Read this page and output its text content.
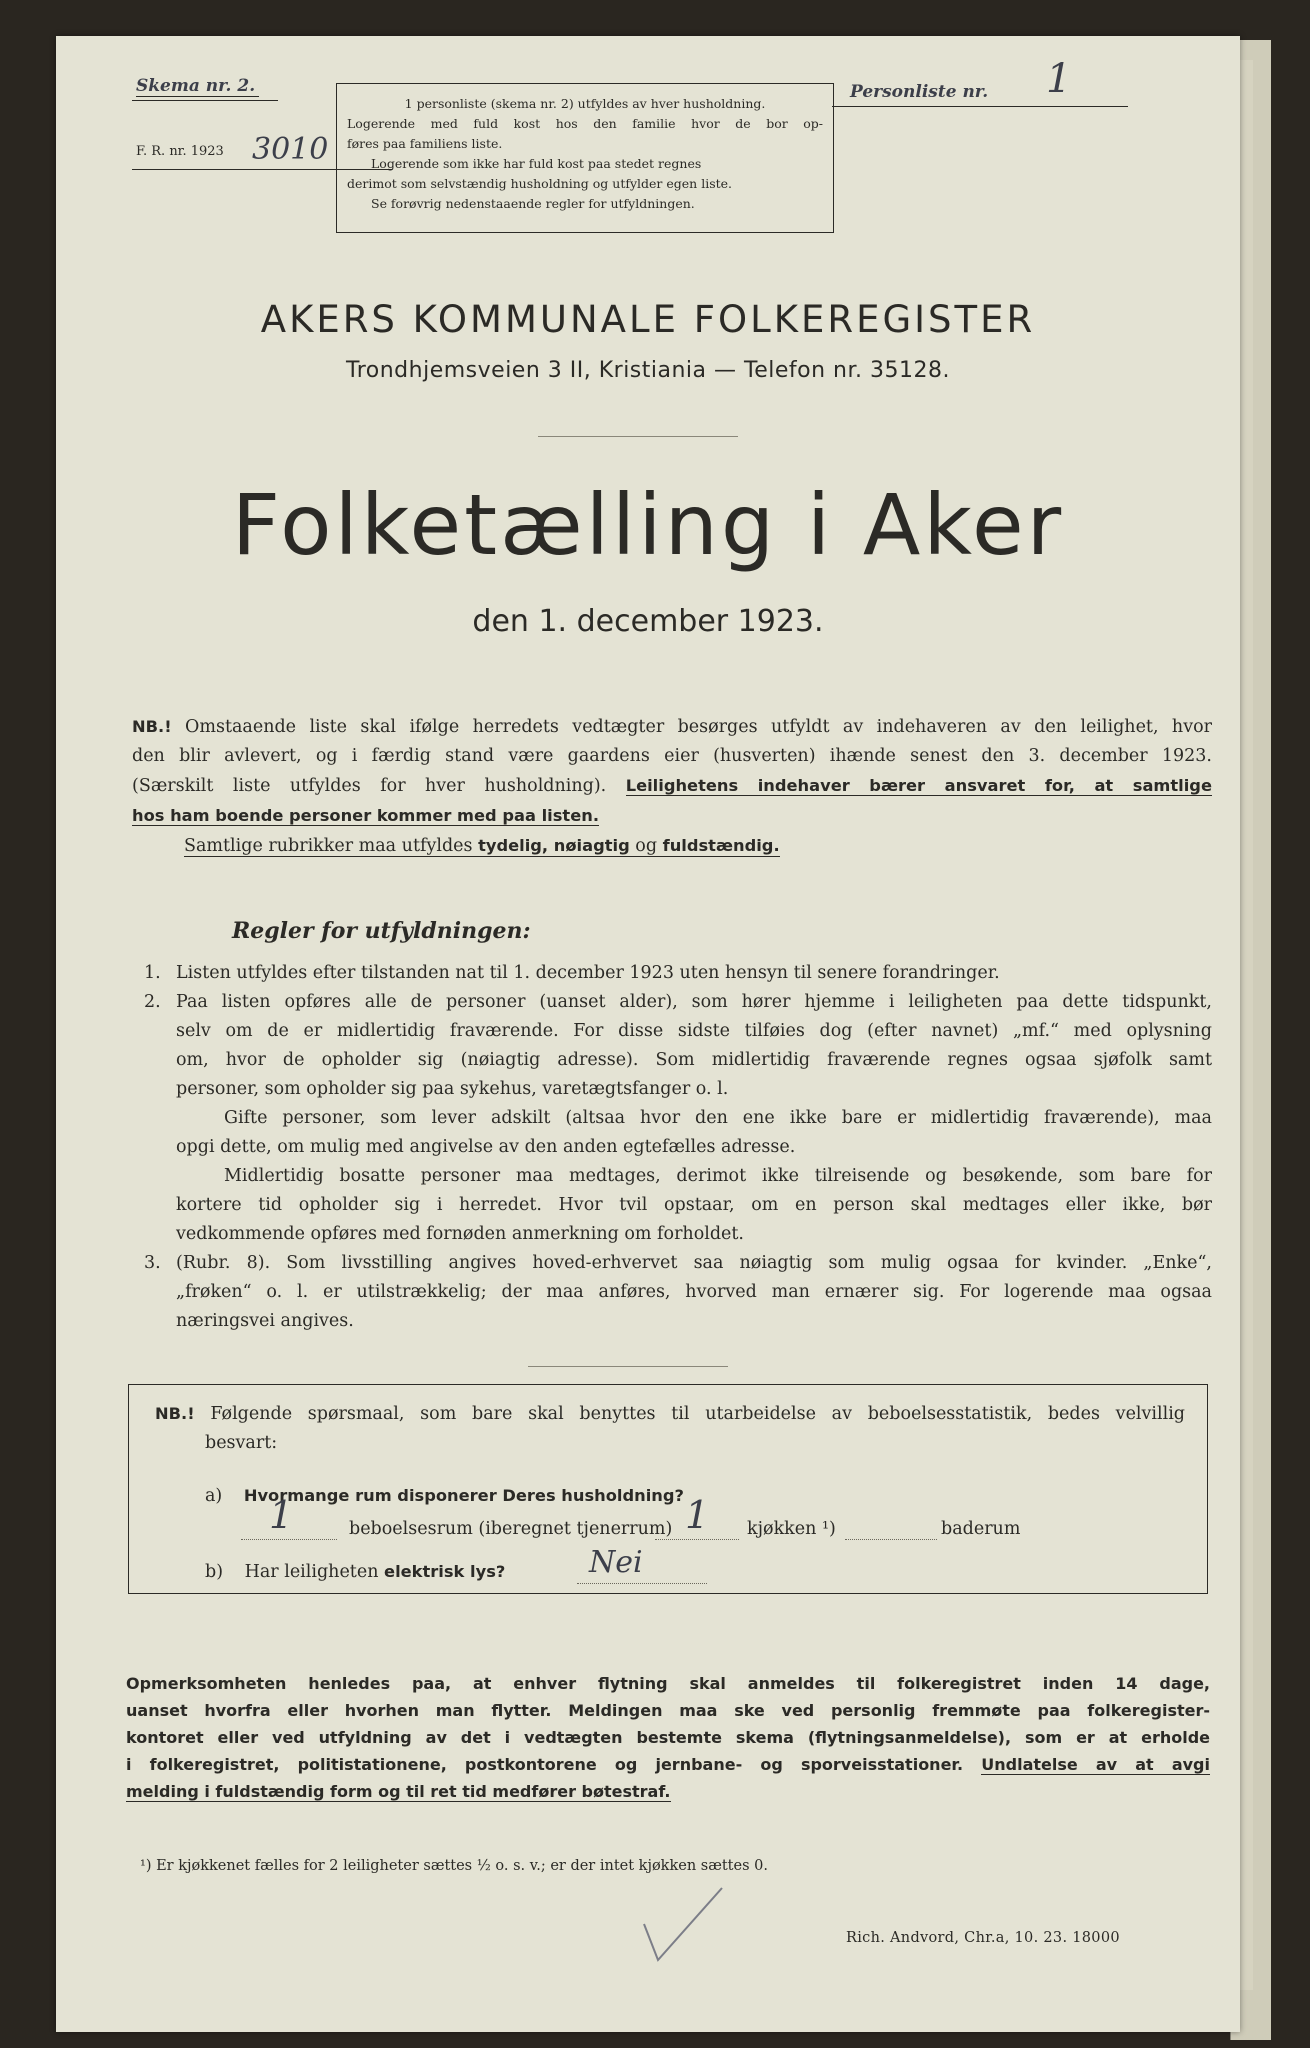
Skema nr. 2.
F. R. nr. 1923 3010
1 personliste (skema nr. 2) utfyldes av hver husholdning.
Logerende med fuld kost hos den familie hvor de bor op-
føres paa familiens liste.
Logerende som ikke har fuld kost paa stedet regnes
derimot som selvstændig husholdning og utfylder egen liste.
Se forøvrig nedenstaaende regler for utfyldningen.
Personliste nr. 1
AKERS KOMMUNALE FOLKEREGISTER
Trondhjemsveien 3 II, Kristiania — Telefon nr. 35128.
Folketælling i Aker
den 1. december 1923.
NB.! Omstaaende liste skal ifølge herredets vedtægter besørges utfyldt av indehaveren av den leilighet, hvor
den blir avlevert, og i færdig stand være gaardens eier (husverten) ihænde senest den 3. december 1923.
(Særskilt liste utfyldes for hver husholdning). Leilighetens indehaver bærer ansvaret for, at samtlige
hos ham boende personer kommer med paa listen.
Samtlige rubrikker maa utfyldes tydelig, nøiagtig og fuldstændig.
Regler for utfyldningen:
1. Listen utfyldes efter tilstanden nat til 1. december 1923 uten hensyn til senere forandringer.
2. Paa listen opføres alle de personer (uanset alder), som hører hjemme i leiligheten paa dette tidspunkt,
selv om de er midlertidig fraværende. For disse sidste tilføies dog (efter navnet) „mf.“ med oplysning
om, hvor de opholder sig (nøiagtig adresse). Som midlertidig fraværende regnes ogsaa sjøfolk samt
personer, som opholder sig paa sykehus, varetægtsfanger o. l.
Gifte personer, som lever adskilt (altsaa hvor den ene ikke bare er midlertidig fraværende), maa
opgi dette, om mulig med angivelse av den anden egtefælles adresse.
Midlertidig bosatte personer maa medtages, derimot ikke tilreisende og besøkende, som bare for
kortere tid opholder sig i herredet. Hvor tvil opstaar, om en person skal medtages eller ikke, bør
vedkommende opføres med fornøden anmerkning om forholdet.
3. (Rubr. 8). Som livsstilling angives hoved-erhvervet saa nøiagtig som mulig ogsaa for kvinder. „Enke“,
„frøken“ o. l. er utilstrækkelig; der maa anføres, hvorved man ernærer sig. For logerende maa ogsaa
næringsvei angives.
NB.! Følgende spørsmaal, som bare skal benyttes til utarbeidelse av beboelsesstatistik, bedes velvillig
besvart:
a) Hvormange rum disponerer Deres husholdning?
1	beboelsesrum (iberegnet tjenerrum) 1 kjøkken ¹)	baderum
b) Har leiligheten elektrisk lys?	Nei
Opmerksomheten henledes paa, at enhver flytning skal anmeldes til folkeregistret inden 14 dage,
uanset hvorfra eller hvorhen man flytter. Meldingen maa ske ved personlig fremmøte paa folkeregister-
kontoret eller ved utfyldning av det i vedtægten bestemte skema (flytningsanmeldelse), som er at erholde
i folkeregistret, politistationene, postkontorene og jernbane- og sporveisstationer. Undlatelse av at avgi
melding i fuldstændig form og til ret tid medfører bøtestraf.
¹) Er kjøkkenet fælles for 2 leiligheter sættes ½ o. s. v.; er der intet kjøkken sættes 0.
Rich. Andvord, Chr.a, 10. 23. 18000
